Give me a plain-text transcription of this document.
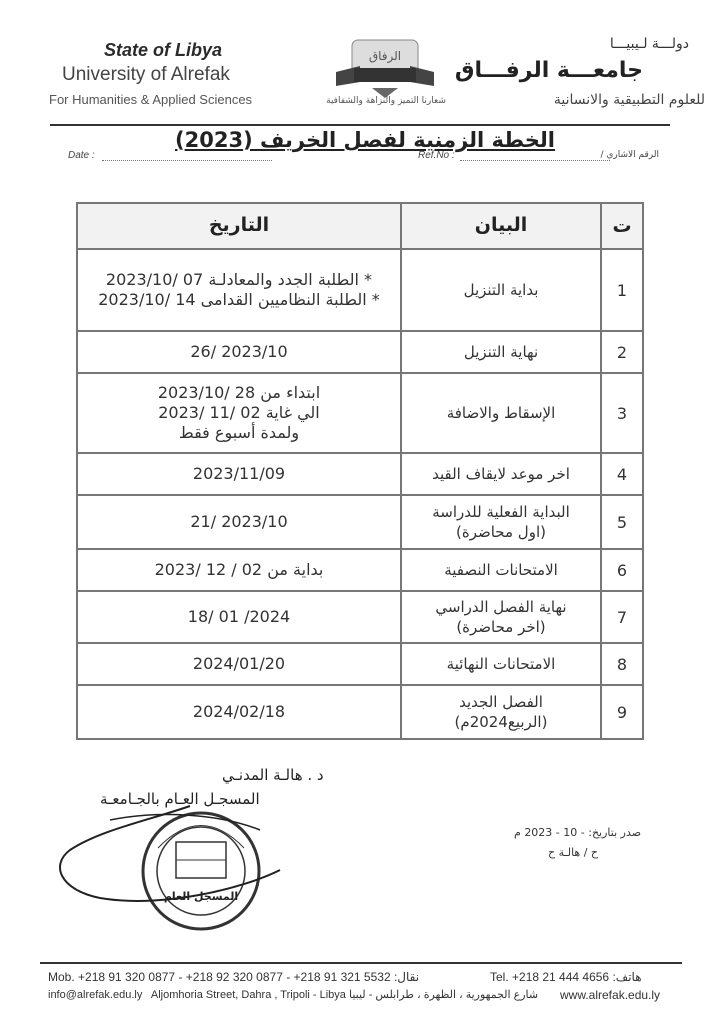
State of Libya
University of Alrefak
For Humanities & Applied Sciences
دولـــة لـيبيـــا
جامعـــة الرفـــاق
للعلوم التطبيقية والانسانية
الرفاق
شعارنا التميز والنزاهة والشفافية
الخطة الزمنية لفصل الخريف (2023)
Date :	Ref.No :	الرقم الاشاري /
ت	البيان	التاريخ
1	بداية التنزيل	* الطلبة الجدد والمعادلـة 07 /2023/10
* الطلبة النظاميين القدامى 14 /2023/10

2	نهاية التنزيل	2023/10 /26

3	الإسقاط والاضافة	ابتداء من 28 /2023/10
الي غاية 02 /11 /2023
ولمدة أسبوع فقط

4	اخر موعد لايقاف القيد	2023/11/09

5	البداية الفعلية للدراسة
(اول محاضرة)	2023/10 /21

6	الامتحانات النصفية	بداية من 02 / 12 /2023

7	نهاية الفصل الدراسي
(اخر محاضرة)	2024/ 01 /18

8	الامتحانات النهائية	2024/01/20

9	الفصل الجديد
(الربيع2024م)	2024/02/18
د . هالـة المدنـي
المسجـل العـام بالجـامعـة
المسجل العام
صدر بتاريخ: - 10 - 2023 م
ح / هالـة ح
Mob. +218 91 320 0877 - +218 92 320 0877 - +218 91 321 5532 :نقال	Tel. +218 21 444 4656 :هاتف
info@alrefak.edu.ly Aljomhoria Street, Dahra , Tripoli - Libya شارع الجمهورية ، الظهرة ، طرابلس - ليبيا www.alrefak.edu.ly
